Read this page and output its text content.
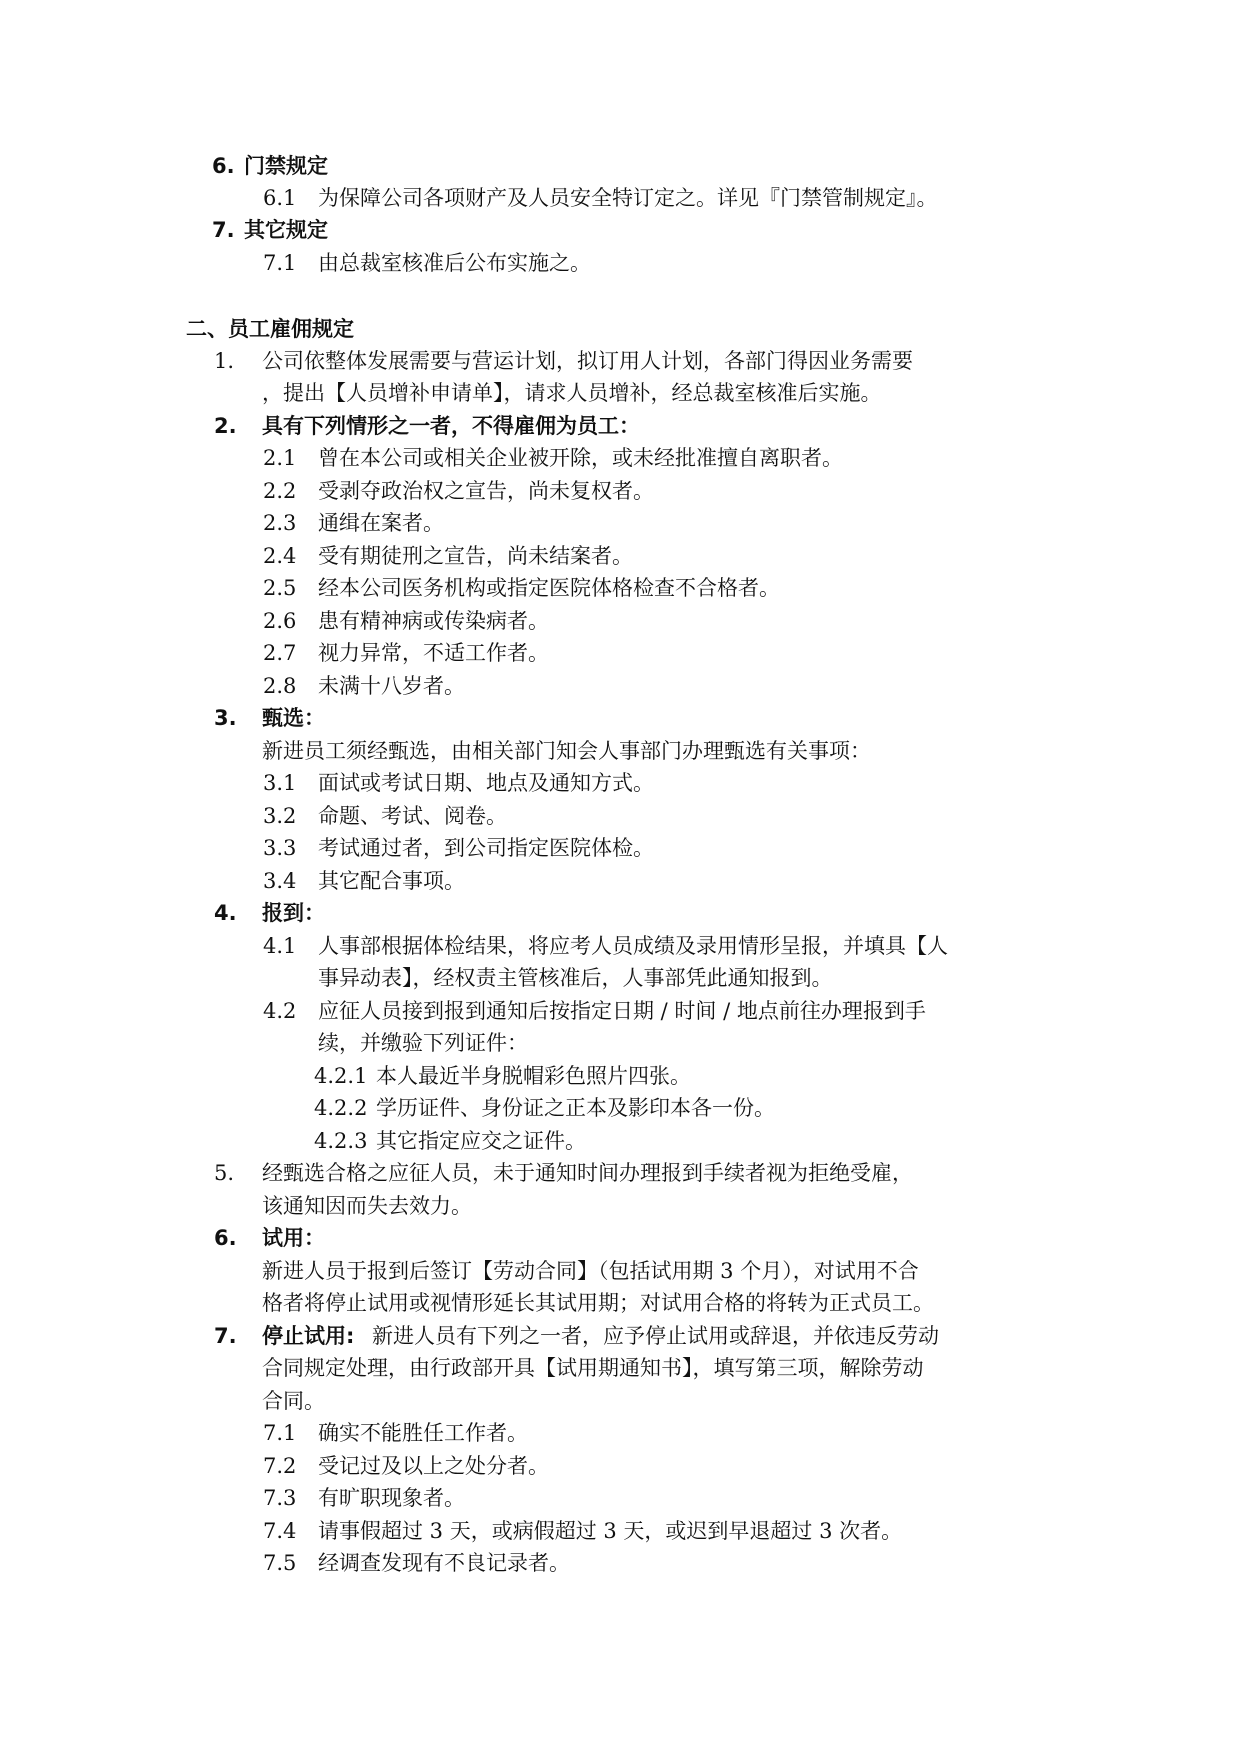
6. 门禁规定
6.1 为保障公司各项财产及人员安全特订定之。详见『门禁管制规定』。
7. 其它规定
7.1 由总裁室核准后公布实施之。
二、员工雇佣规定
1. 公司依整体发展需要与营运计划，拟订用人计划，各部门得因业务需要
，提出【人员增补申请单】，请求人员增补，经总裁室核准后实施。
2. 具有下列情形之一者，不得雇佣为员工：
2.1 曾在本公司或相关企业被开除，或未经批准擅自离职者。
2.2 受剥夺政治权之宣告，尚未复权者。
2.3 通缉在案者。
2.4 受有期徒刑之宣告，尚未结案者。
2.5 经本公司医务机构或指定医院体格检查不合格者。
2.6 患有精神病或传染病者。
2.7 视力异常，不适工作者。
2.8 未满十八岁者。
3. 甄选：
新进员工须经甄选，由相关部门知会人事部门办理甄选有关事项：
3.1 面试或考试日期、地点及通知方式。
3.2 命题、考试、阅卷。
3.3 考试通过者，到公司指定医院体检。
3.4 其它配合事项。
4. 报到：
4.1 人事部根据体检结果，将应考人员成绩及录用情形呈报，并填具【人
事异动表】，经权责主管核准后，人事部凭此通知报到。
4.2 应征人员接到报到通知后按指定日期 / 时间 / 地点前往办理报到手
续，并缴验下列证件：
4.2.1 本人最近半身脱帽彩色照片四张。
4.2.2 学历证件、身份证之正本及影印本各一份。
4.2.3 其它指定应交之证件。
5. 经甄选合格之应征人员，未于通知时间办理报到手续者视为拒绝受雇，
该通知因而失去效力。
6. 试用：
新进人员于报到后签订【劳动合同】（包括试用期 3 个月），对试用不合
格者将停止试用或视情形延长其试用期；对试用合格的将转为正式员工。
7. 停止试用: 新进人员有下列之一者，应予停止试用或辞退，并依违反劳动
合同规定处理，由行政部开具【试用期通知书】，填写第三项，解除劳动
合同。
7.1 确实不能胜任工作者。
7.2 受记过及以上之处分者。
7.3 有旷职现象者。
7.4 请事假超过 3 天，或病假超过 3 天，或迟到早退超过 3 次者。
7.5 经调查发现有不良记录者。
